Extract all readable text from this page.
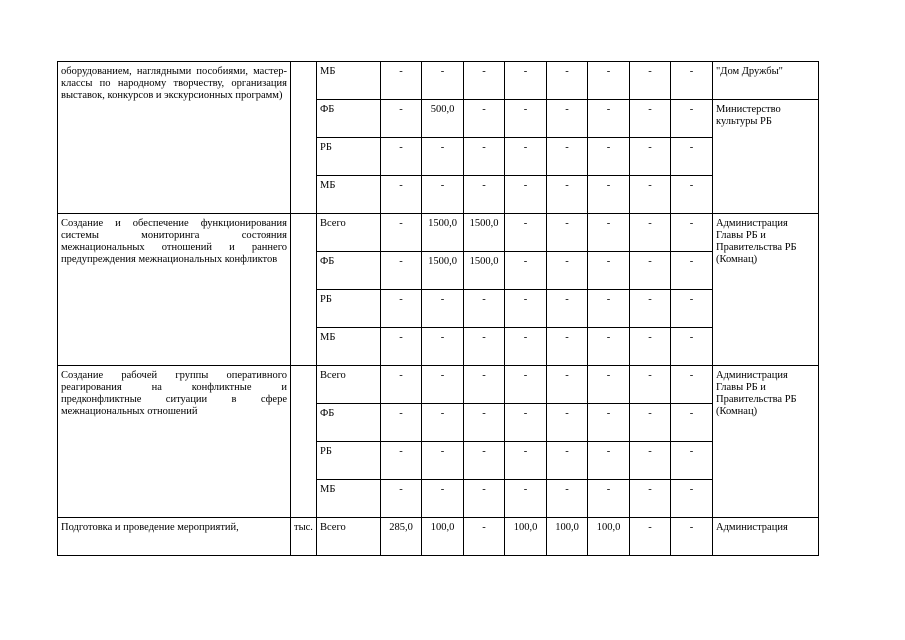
оборудованием, наглядными пособиями, мастер-классы по народному творчеству, организация выставок, конкурсов и экскурсионных программ)		МБ	-	-	-	-	-	-	-	-	"Дом Дружбы"
		ФБ	-	500,0	-	-	-	-	-	-	Министерство культуры РБ
		РБ	-	-	-	-	-	-	-	-	
		МБ	-	-	-	-	-	-	-	-	
Создание и обеспечение функционирования системы мониторинга состояния межнациональных отношений и раннего предупреждения межнациональных конфликтов		Всего	-	1500,0	1500,0	-	-	-	-	-	Администрация Главы РБ и Правительства РБ (Комнац)
		ФБ	-	1500,0	1500,0	-	-	-	-	-	
		РБ	-	-	-	-	-	-	-	-	
		МБ	-	-	-	-	-	-	-	-	
Создание рабочей группы оперативного реагирования на конфликтные и предконфликтные ситуации в сфере межнациональных отношений		Всего	-	-	-	-	-	-	-	-	Администрация Главы РБ и Правительства РБ (Комнац)
		ФБ	-	-	-	-	-	-	-	-	
		РБ	-	-	-	-	-	-	-	-	
		МБ	-	-	-	-	-	-	-	-	
Подготовка и проведение мероприятий,	тыс.	Всего	285,0	100,0	-	100,0	100,0	100,0	-	-	Администрация
